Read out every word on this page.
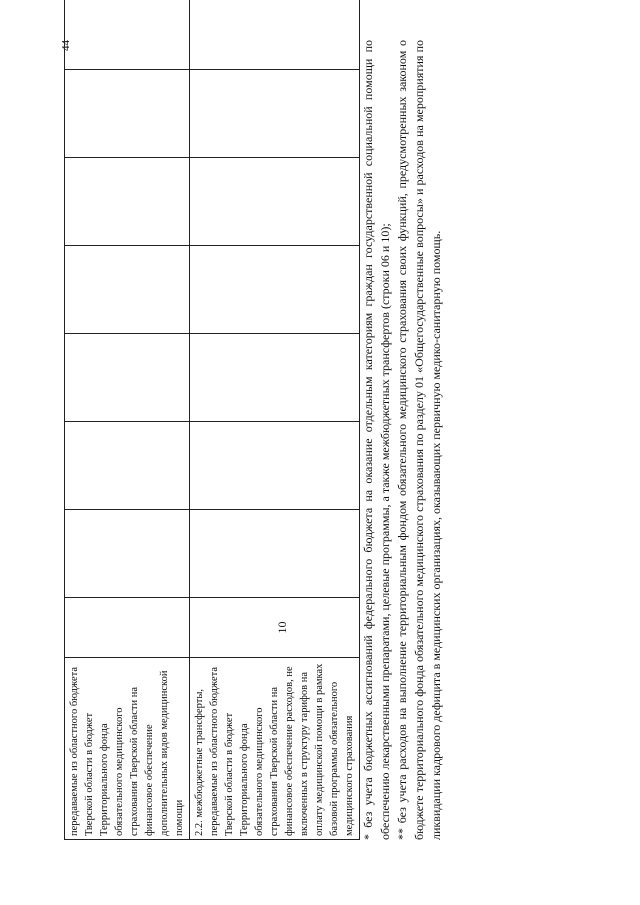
44
передаваемые из областного бюджета Тверской области в бюджет Территориального фонда обязательного медицинского страхования Тверской области на финансовое обеспечение дополнительных видов медицинской помощи								
2.2. межбюджетные трансферты, передаваемые из областного бюджета Тверской области в бюджет Территориального фонда обязательного медицинского страхования Тверской области на финансовое обеспечение расходов, не включенных в структуру тарифов на оплату медицинской помощи в рамках базовой программы обязательного медицинского страхования	10								* без учета бюджетных ассигнований федерального бюджета на оказание отдельным категориям граждан государственной социальной помощи по обеспечению лекарственными препаратами, целевые программы, а также межбюджетных трансфертов (строки 06 и 10); ** без учета расходов на выполнение территориальным фондом обязательного медицинского страхования своих функций, предусмотренных законом о бюджете территориального фонда обязательного медицинского страхования по разделу 01 «Общегосударственные вопросы» и расходов на мероприятия по ликвидации кадрового дефицита в медицинских организациях, оказывающих первичную медико-санитарную помощь.
